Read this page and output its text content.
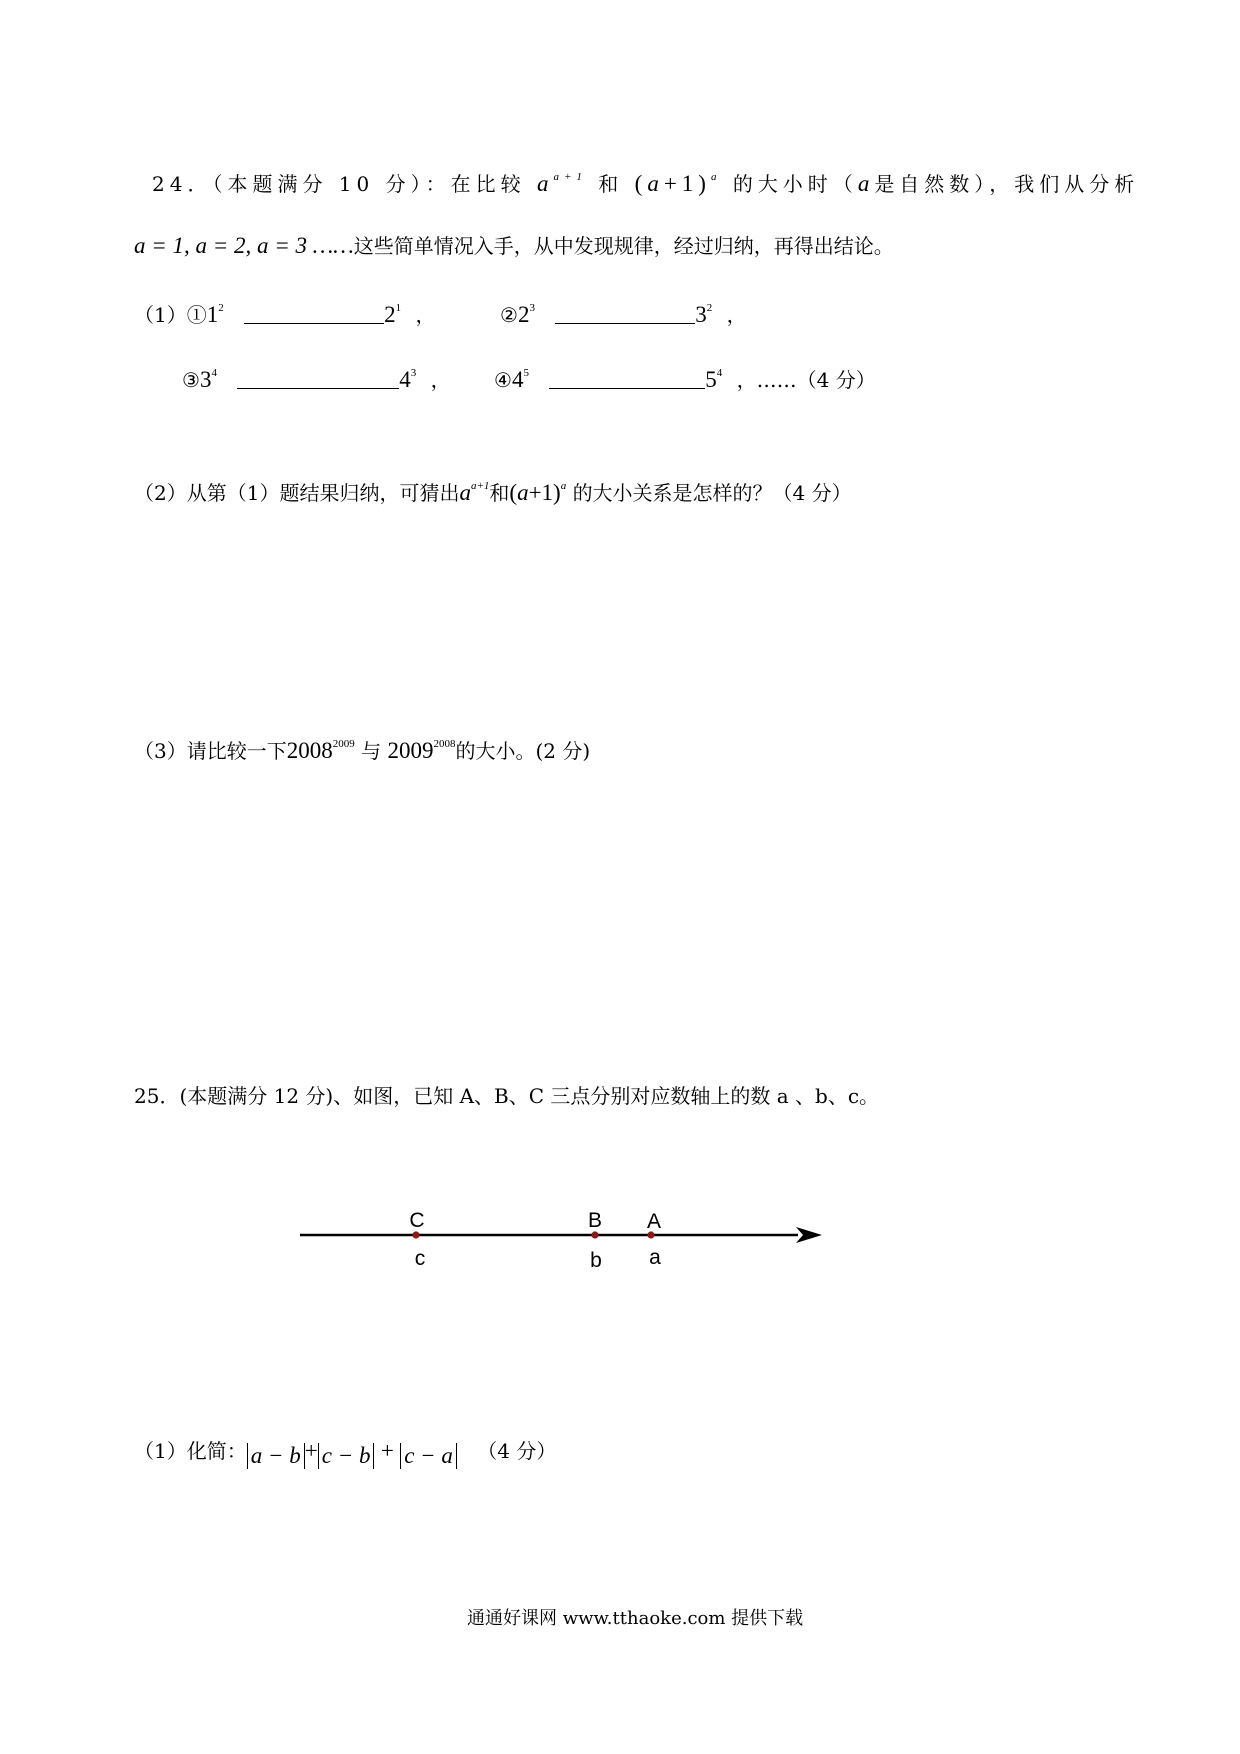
24．（本题满分 10 分）：在比较 $a^{a+1}$ 和 $(a+1)^a$ 的大小时（a是自然数），我们从分析
a = 1, a = 2, a = 3 ……这些简单情况入手，从中发现规律，经过归纳，再得出结论。
$(1)①1^2$	$2^1$ ，	$②2^3$	$3^2$ ，
$③3^4$	$4^3$ ， $④4^5$	$5^4$ ，……（4 分）
（2）从第（1）题结果归纳，可猜出$a^{a+1}$和$(a+1)^a$ 的大小关系是怎样的？（4 分）
（3）请比较一下$2008^{2009}$ 与 $2009^{2008}$的大小。(2 分)
25．(本题满分 12 分)、如图，已知 A、B、C 三点分别对应数轴上的数 a 、b、c。
C
c
B
b
A
a
（1）化简： a − b + c − b + c − a （4 分）
通通好课网 www.tthaoke.com 提供下载
